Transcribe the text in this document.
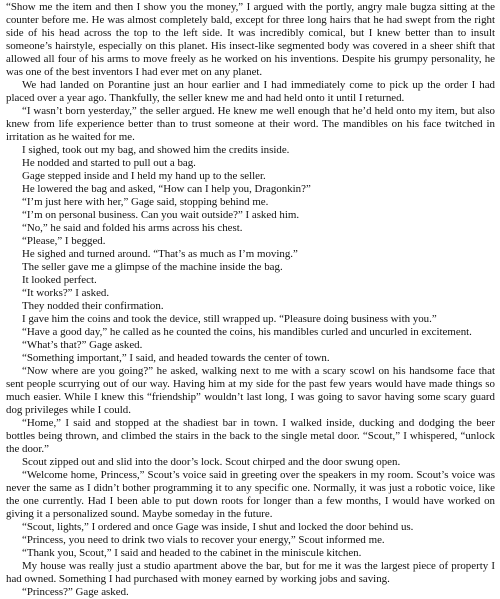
“Show me the item and then I show you the money,” I argued with the portly, angry male bugza sitting at the counter before me. He was almost completely bald, except for three long hairs that he had swept from the right side of his head across the top to the left side. It was incredibly comical, but I knew better than to insult someone’s hairstyle, especially on this planet. His insect-like segmented body was covered in a sheer shift that allowed all four of his arms to move freely as he worked on his inventions. Despite his grumpy personality, he was one of the best inventors I had ever met on any planet.

We had landed on Porantine just an hour earlier and I had immediately come to pick up the order I had placed over a year ago. Thankfully, the seller knew me and had held onto it until I returned.

“I wasn’t born yesterday,” the seller argued. He knew me well enough that he’d held onto my item, but also knew from life experience better than to trust someone at their word. The mandibles on his face twitched in irritation as he waited for me.

I sighed, took out my bag, and showed him the credits inside.

He nodded and started to pull out a bag.

Gage stepped inside and I held my hand up to the seller.

He lowered the bag and asked, “How can I help you, Dragonkin?”

“I’m just here with her,” Gage said, stopping behind me.

“I’m on personal business. Can you wait outside?” I asked him.

“No,” he said and folded his arms across his chest.

“Please,” I begged.

He sighed and turned around. “That’s as much as I’m moving.”

The seller gave me a glimpse of the machine inside the bag.

It looked perfect.

“It works?” I asked.

They nodded their confirmation.

I gave him the coins and took the device, still wrapped up. “Pleasure doing business with you.”

“Have a good day,” he called as he counted the coins, his mandibles curled and uncurled in excitement.

“What’s that?” Gage asked.

“Something important,” I said, and headed towards the center of town.

“Now where are you going?” he asked, walking next to me with a scary scowl on his handsome face that sent people scurrying out of our way. Having him at my side for the past few years would have made things so much easier. While I knew this “friendship” wouldn’t last long, I was going to savor having some scary guard dog privileges while I could.

“Home,” I said and stopped at the shadiest bar in town. I walked inside, ducking and dodging the beer bottles being thrown, and climbed the stairs in the back to the single metal door. “Scout,” I whispered, “unlock the door.”

Scout zipped out and slid into the door’s lock. Scout chirped and the door swung open.

“Welcome home, Princess,” Scout’s voice said in greeting over the speakers in my room. Scout’s voice was never the same as I didn’t bother programming it to any specific one. Normally, it was just a robotic voice, like the one currently. Had I been able to put down roots for longer than a few months, I would have worked on giving it a personalized sound. Maybe someday in the future.

“Scout, lights,” I ordered and once Gage was inside, I shut and locked the door behind us.

“Princess, you need to drink two vials to recover your energy,” Scout informed me.

“Thank you, Scout,” I said and headed to the cabinet in the miniscule kitchen.

My house was really just a studio apartment above the bar, but for me it was the largest piece of property I had owned. Something I had purchased with money earned by working jobs and saving.

“Princess?” Gage asked.
